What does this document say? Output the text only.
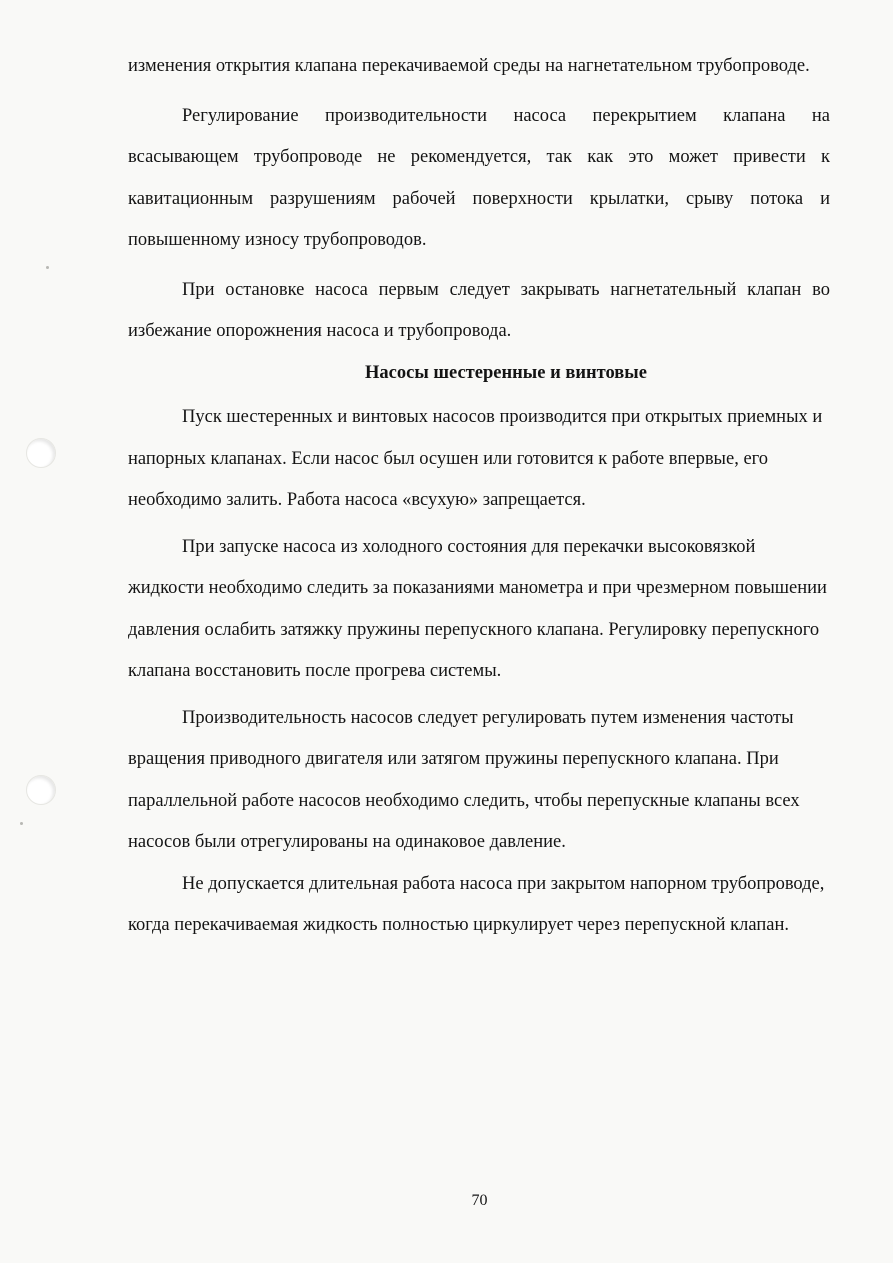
изменения открытия клапана перекачиваемой среды на нагнетательном трубопроводе.

Регулирование производительности насоса перекрытием клапана на всасывающем трубопроводе не рекомендуется, так как это может привести к кавитационным разрушениям рабочей поверхности крылатки, срыву потока и повышенному износу трубопроводов.

При остановке насоса первым следует закрывать нагнетательный клапан во избежание опорожнения насоса и трубопровода.

Насосы шестеренные и винтовые

Пуск шестеренных и винтовых насосов производится при открытых приемных и напорных клапанах. Если насос был осушен или готовится к работе впервые, его необходимо залить. Работа насоса «всухую» запрещается.

При запуске насоса из холодного состояния для перекачки высоковязкой жидкости необходимо следить за показаниями манометра и при чрезмерном повышении давления ослабить затяжку пружины перепускного клапана. Регулировку перепускного клапана восстановить после прогрева системы.

Производительность насосов следует регулировать путем изменения частоты вращения приводного двигателя или затягом пружины перепускного клапана. При параллельной работе насосов необходимо следить, чтобы перепускные клапаны всех насосов были отрегулированы на одинаковое давление.

Не допускается длительная работа насоса при закрытом напорном трубопроводе, когда перекачиваемая жидкость полностью циркулирует через перепускной клапан.

70
